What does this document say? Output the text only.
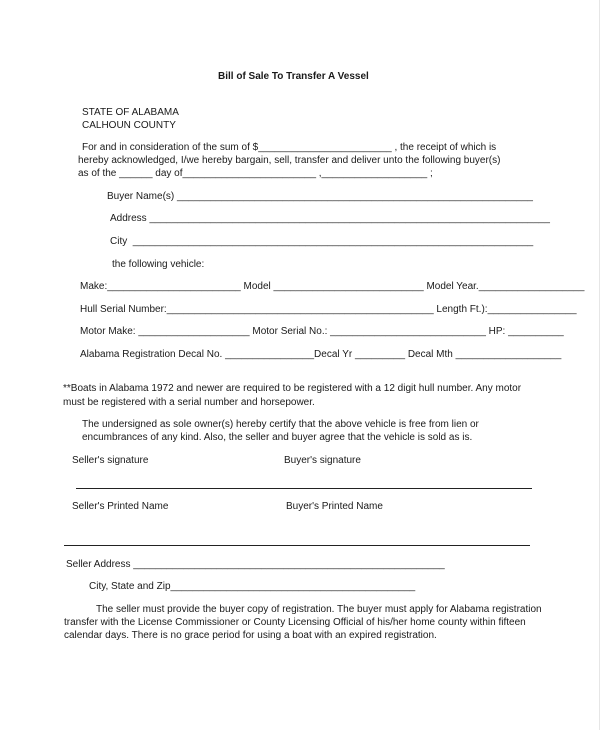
Bill of Sale To Transfer A Vessel
STATE OF ALABAMA
CALHOUN COUNTY
For and in consideration of the sum of $________________________ , the receipt of which is
hereby acknowledged, I/we hereby bargain, sell, transfer and deliver unto the following buyer(s)
as of the ______ day of________________________ ,___________________ ;
Buyer Name(s) ________________________________________________________________
Address ________________________________________________________________________
City  ________________________________________________________________________
the following vehicle:
Make:________________________ Model ___________________________ Model Year.___________________
Hull Serial Number:________________________________________________ Length Ft.):________________
Motor Make: ____________________ Motor Serial No.: ____________________________ HP: __________
Alabama Registration Decal No. ________________Decal Yr _________ Decal Mth ___________________
**Boats in Alabama 1972 and newer are required to be registered with a 12 digit hull number. Any motor
must be registered with a serial number and horsepower.
The undersigned as sole owner(s) hereby certify that the above vehicle is free from lien or
encumbrances of any kind. Also, the seller and buyer agree that the vehicle is sold as is.
Seller's signature	Buyer's signature
Seller's Printed Name	Buyer's Printed Name
Seller Address ________________________________________________________
City, State and Zip____________________________________________
The seller must provide the buyer copy of registration. The buyer must apply for Alabama registration
transfer with the License Commissioner or County Licensing Official of his/her home county within fifteen
calendar days. There is no grace period for using a boat with an expired registration.
